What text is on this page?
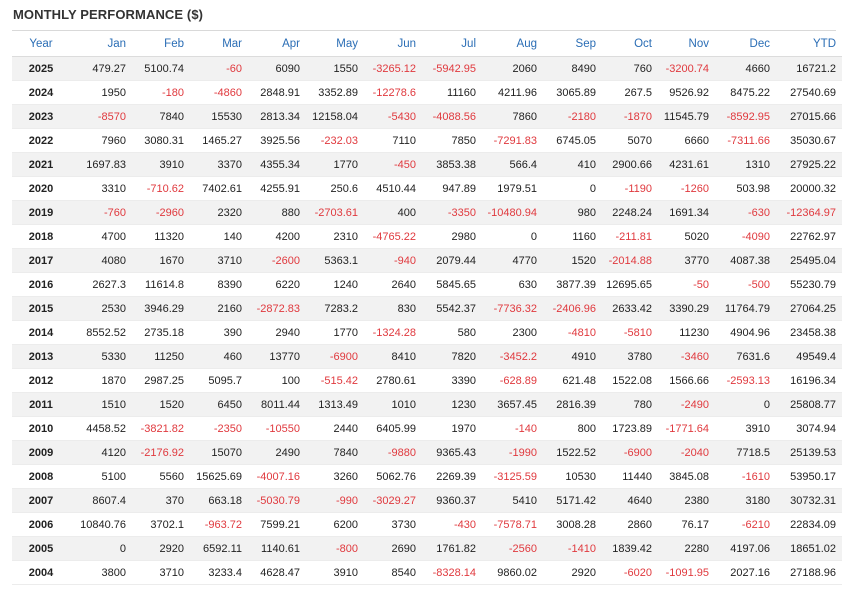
MONTHLY PERFORMANCE ($)
Year	Jan	Feb	Mar	Apr	May	Jun	Jul	Aug	Sep	Oct	Nov	Dec	YTD
2025	479.27	5100.74	-60	6090	1550	-3265.12	-5942.95	2060	8490	760	-3200.74	4660	16721.2
2024	1950	-180	-4860	2848.91	3352.89	-12278.6	11160	4211.96	3065.89	267.5	9526.92	8475.22	27540.69
2023	-8570	7840	15530	2813.34	12158.04	-5430	-4088.56	7860	-2180	-1870	11545.79	-8592.95	27015.66
2022	7960	3080.31	1465.27	3925.56	-232.03	7110	7850	-7291.83	6745.05	5070	6660	-7311.66	35030.67
2021	1697.83	3910	3370	4355.34	1770	-450	3853.38	566.4	410	2900.66	4231.61	1310	27925.22
2020	3310	-710.62	7402.61	4255.91	250.6	4510.44	947.89	1979.51	0	-1190	-1260	503.98	20000.32
2019	-760	-2960	2320	880	-2703.61	400	-3350	-10480.94	980	2248.24	1691.34	-630	-12364.97
2018	4700	11320	140	4200	2310	-4765.22	2980	0	1160	-211.81	5020	-4090	22762.97
2017	4080	1670	3710	-2600	5363.1	-940	2079.44	4770	1520	-2014.88	3770	4087.38	25495.04
2016	2627.3	11614.8	8390	6220	1240	2640	5845.65	630	3877.39	12695.65	-50	-500	55230.79
2015	2530	3946.29	2160	-2872.83	7283.2	830	5542.37	-7736.32	-2406.96	2633.42	3390.29	11764.79	27064.25
2014	8552.52	2735.18	390	2940	1770	-1324.28	580	2300	-4810	-5810	11230	4904.96	23458.38
2013	5330	11250	460	13770	-6900	8410	7820	-3452.2	4910	3780	-3460	7631.6	49549.4
2012	1870	2987.25	5095.7	100	-515.42	2780.61	3390	-628.89	621.48	1522.08	1566.66	-2593.13	16196.34
2011	1510	1520	6450	8011.44	1313.49	1010	1230	3657.45	2816.39	780	-2490	0	25808.77
2010	4458.52	-3821.82	-2350	-10550	2440	6405.99	1970	-140	800	1723.89	-1771.64	3910	3074.94
2009	4120	-2176.92	15070	2490	7840	-9880	9365.43	-1990	1522.52	-6900	-2040	7718.5	25139.53
2008	5100	5560	15625.69	-4007.16	3260	5062.76	2269.39	-3125.59	10530	11440	3845.08	-1610	53950.17
2007	8607.4	370	663.18	-5030.79	-990	-3029.27	9360.37	5410	5171.42	4640	2380	3180	30732.31
2006	10840.76	3702.1	-963.72	7599.21	6200	3730	-430	-7578.71	3008.28	2860	76.17	-6210	22834.09
2005	0	2920	6592.11	1140.61	-800	2690	1761.82	-2560	-1410	1839.42	2280	4197.06	18651.02
2004	3800	3710	3233.4	4628.47	3910	8540	-8328.14	9860.02	2920	-6020	-1091.95	2027.16	27188.96
